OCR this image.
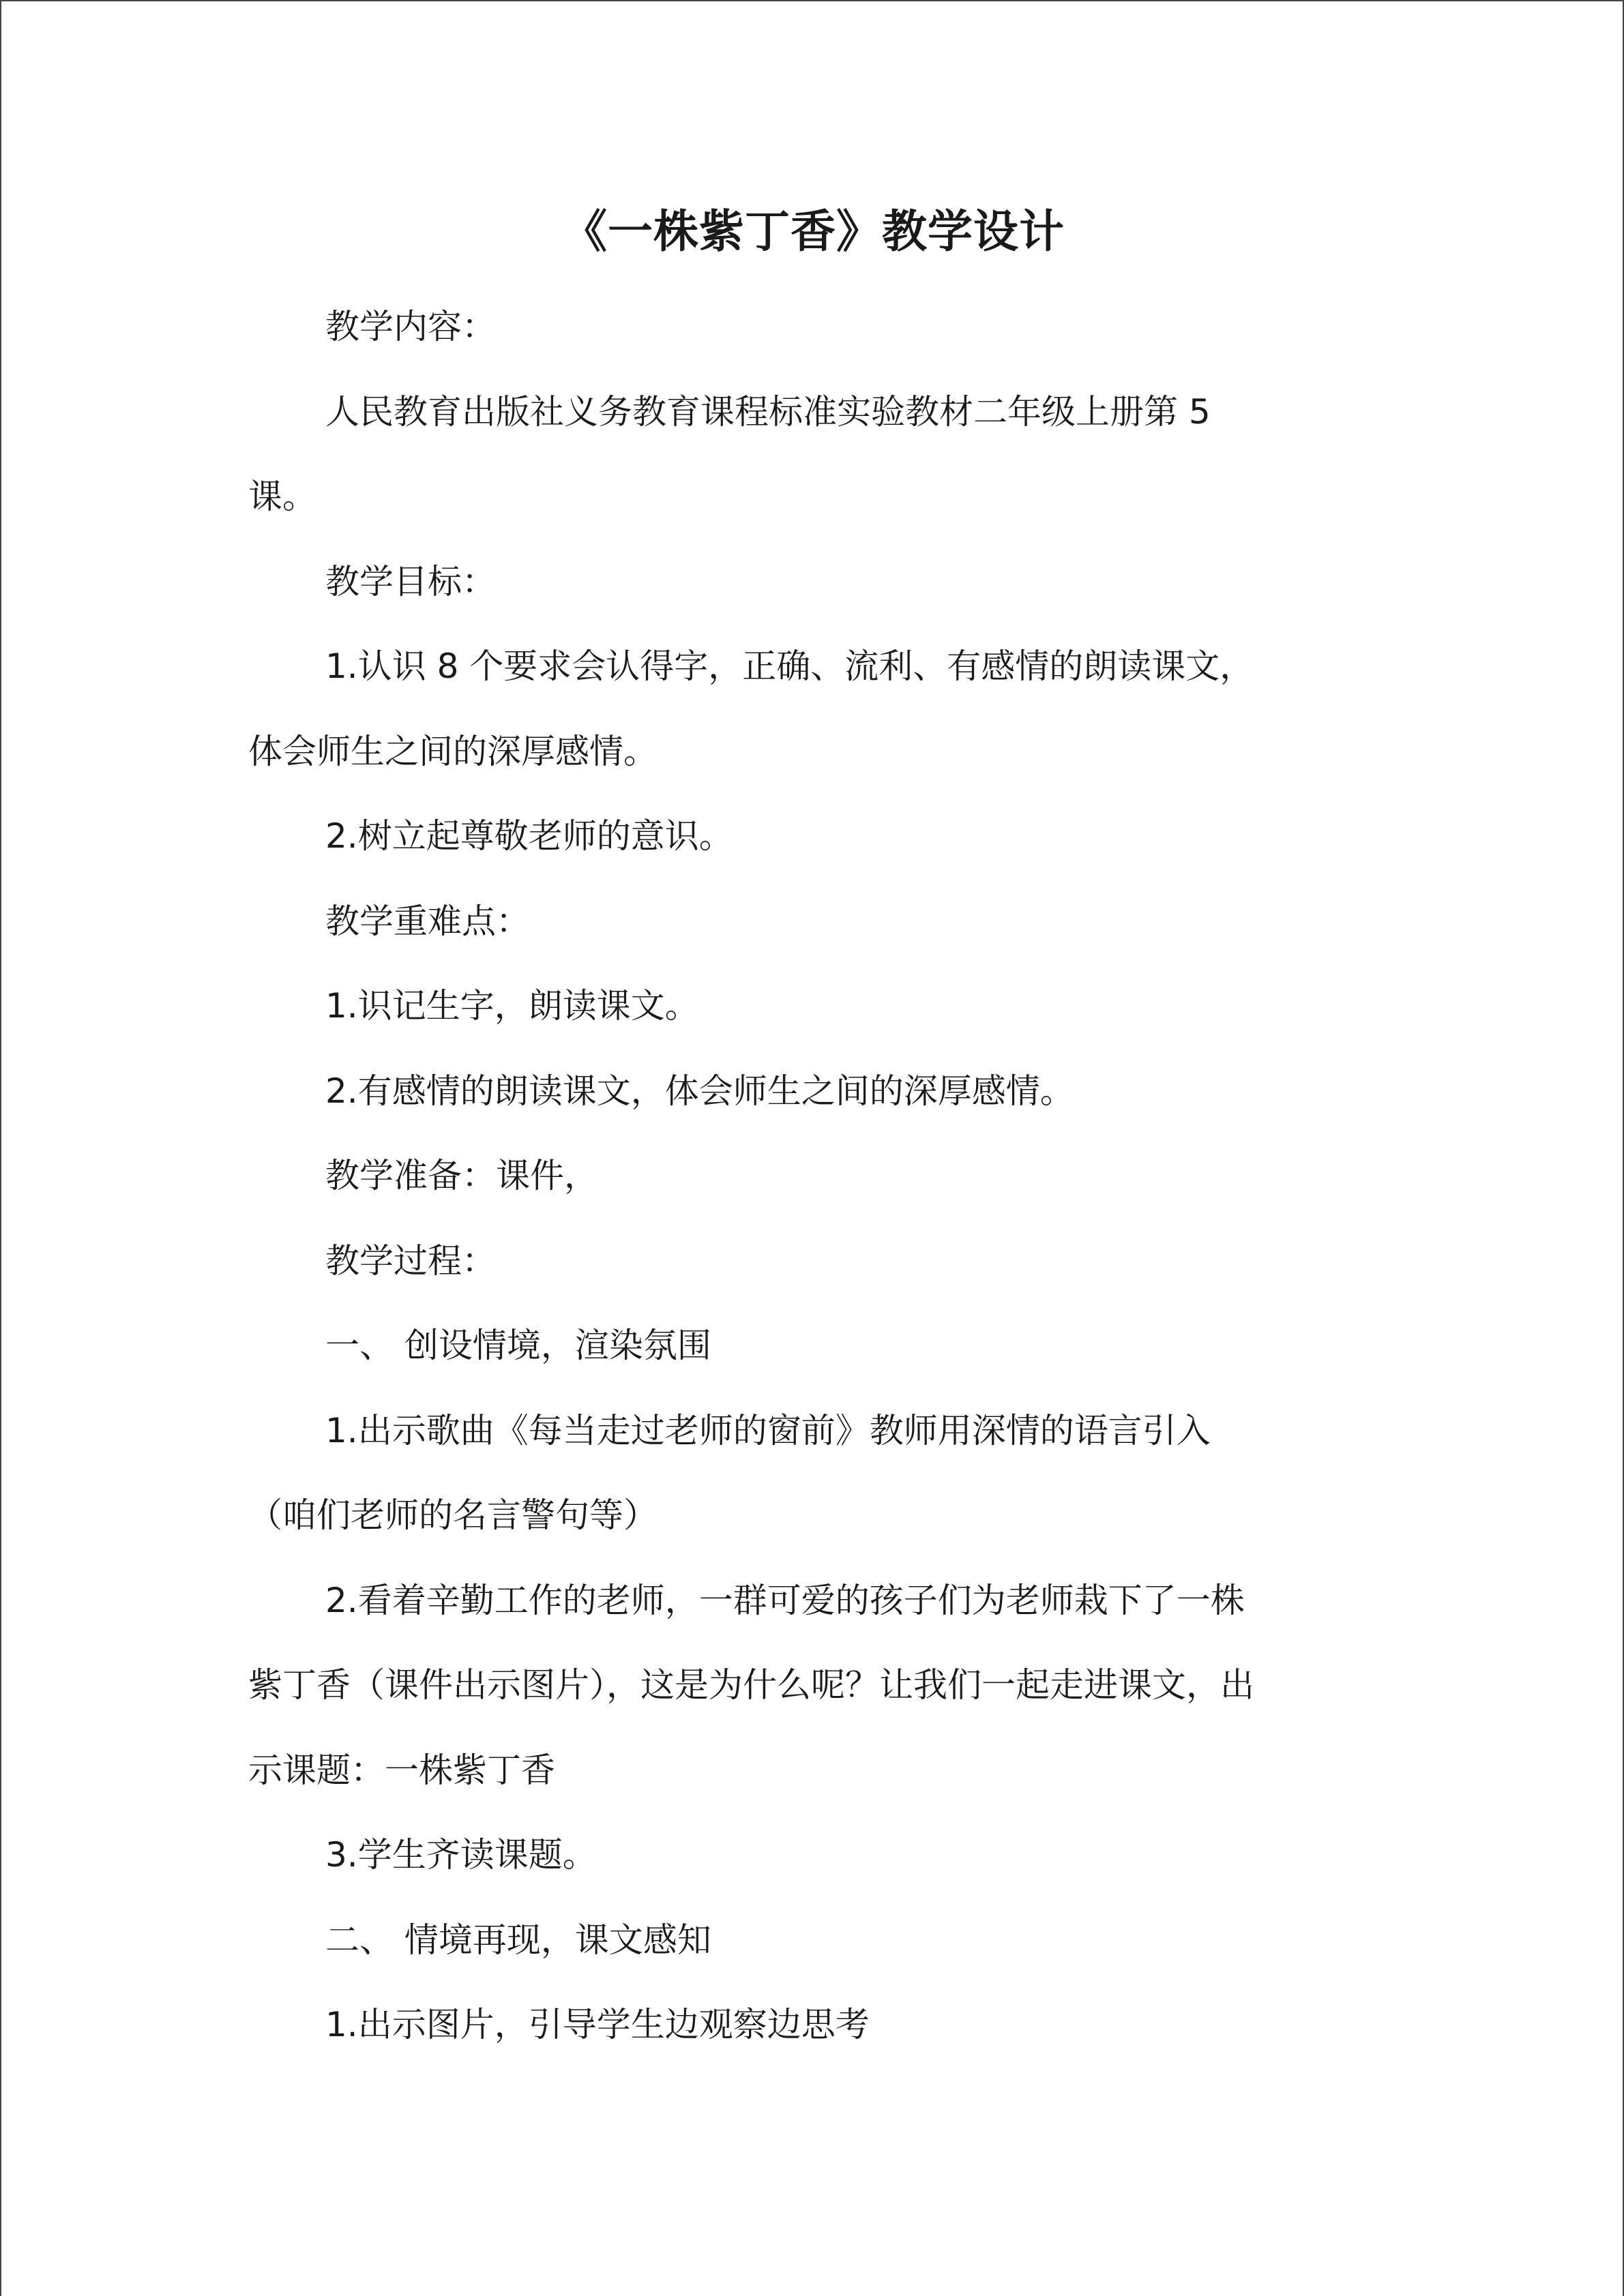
《一株紫丁香》教学设计
教学内容：
人民教育出版社义务教育课程标准实验教材二年级上册第 5
课。
教学目标：
1.认识 8 个要求会认得字，正确、流利、有感情的朗读课文，
体会师生之间的深厚感情。
2.树立起尊敬老师的意识。
教学重难点：
1.识记生字，朗读课文。
2.有感情的朗读课文，体会师生之间的深厚感情。
教学准备：课件，
教学过程：
一、 创设情境，渲染氛围
1.出示歌曲《每当走过老师的窗前》教师用深情的语言引入
（咱们老师的名言警句等）
2.看着辛勤工作的老师，一群可爱的孩子们为老师栽下了一株
紫丁香（课件出示图片），这是为什么呢？让我们一起走进课文，出
示课题：一株紫丁香
3.学生齐读课题。
二、 情境再现，课文感知
1.出示图片，引导学生边观察边思考
